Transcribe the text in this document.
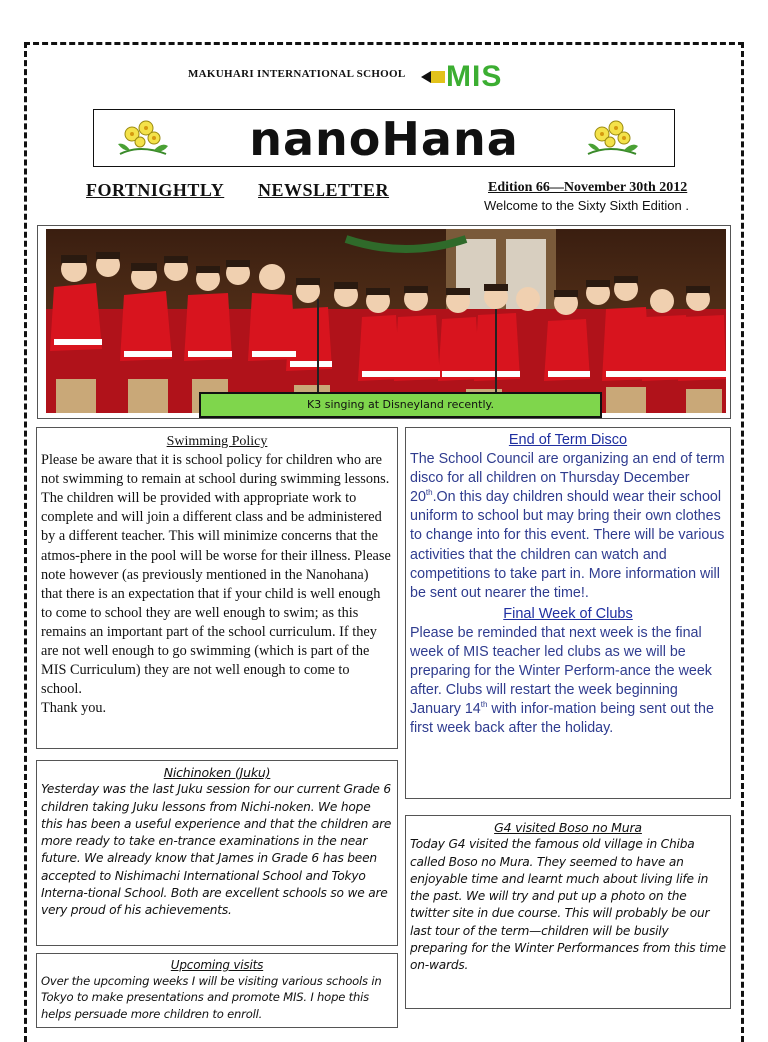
MAKUHARI INTERNATIONAL SCHOOL MIS
nanoHana
FORTNIGHTLY NEWSLETTER	Edition 66—November 30th 2012
Welcome to the Sixty Sixth Edition .
K3 singing at Disneyland recently.
Swimming Policy
Please be aware that it is school policy for children who are not swimming to remain at school during swimming lessons. The children will be provided with appropriate work to complete and will join a different class and be administered by a different teacher. This will minimize concerns that the atmos-phere in the pool will be worse for their illness. Please note however (as previously mentioned in the Nanohana) that there is an expectation that if your child is well enough to come to school they are well enough to swim; as this remains an important part of the school curriculum. If they are not well enough to go swimming (which is part of the MIS Curriculum) they are not well enough to come to school.
Thank you.
End of Term Disco
The School Council are organizing an end of term disco for all children on Thursday December 20th.On this day children should wear their school uniform to school but may bring their own clothes to change into for this event. There will be various activities that the children can watch and competitions to take part in. More information will be sent out nearer the time!.
Final Week of Clubs
Please be reminded that next week is the final week of MIS teacher led clubs as we will be preparing for the Winter Perform-ance the week after. Clubs will restart the week beginning January 14th with infor-mation being sent out the first week back after the holiday.
Nichinoken (Juku)
Yesterday was the last Juku session for our current Grade 6 children taking Juku lessons from Nichi-noken. We hope this has been a useful experience and that the children are more ready to take en-trance examinations in the near future. We already know that James in Grade 6 has been accepted to Nishimachi International School and Tokyo Interna-tional School. Both are excellent schools so we are very proud of his achievements.
Upcoming visits
Over the upcoming weeks I will be visiting various schools in Tokyo to make presentations and promote MIS. I hope this helps persuade more children to enroll.
G4 visited Boso no Mura
Today G4 visited the famous old village in Chiba called Boso no Mura. They seemed to have an enjoyable time and learnt much about living life in the past. We will try and put up a photo on the twitter site in due course. This will probably be our last tour of the term—children will be busily preparing for the Winter Performances from this time on-wards.
